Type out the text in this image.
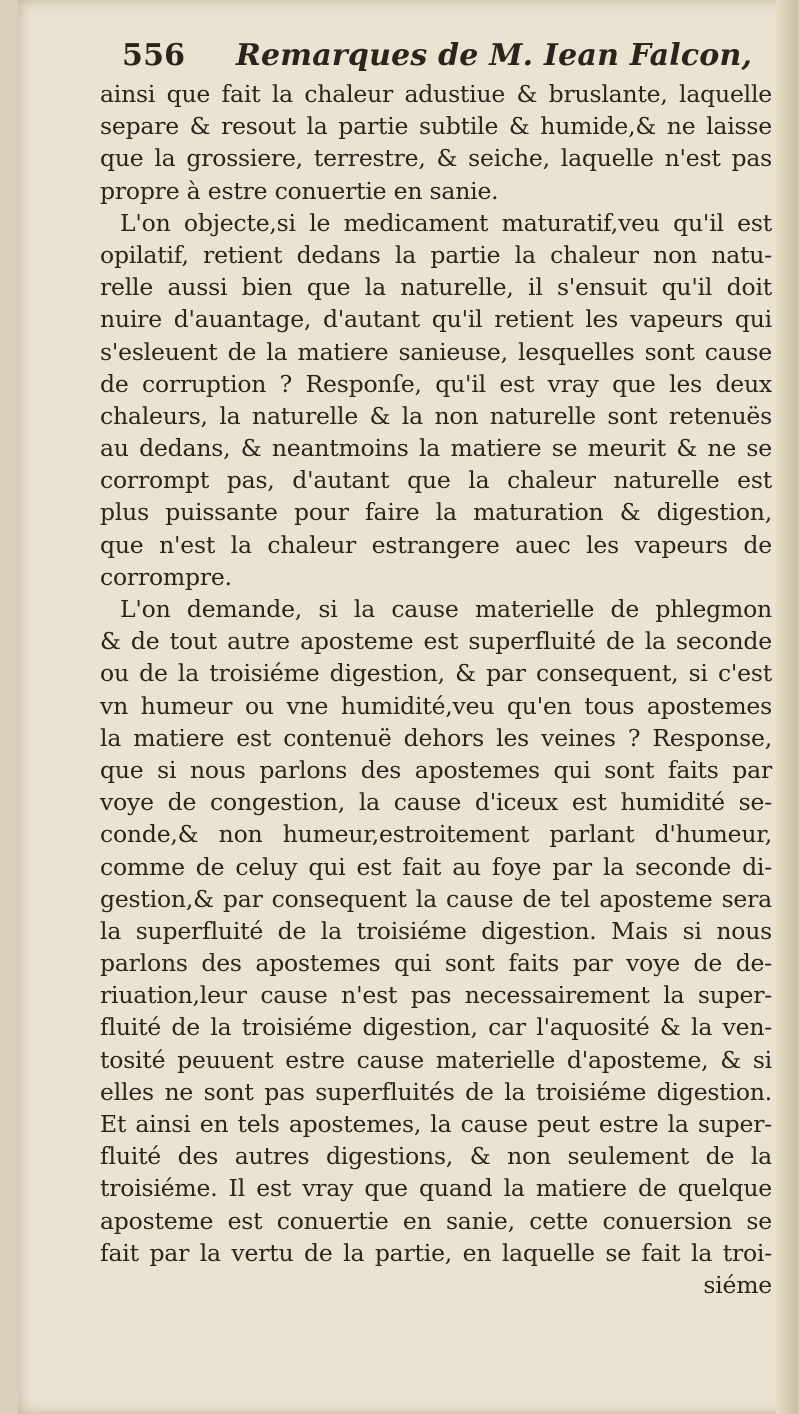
556 Remarques de M. Iean Falcon,
ainsi que fait la chaleur adustiue & bruslante, laquelle
separe & resout la partie subtile & humide,& ne laisse
que la grossiere, terrestre, & seiche, laquelle n'est pas
propre à estre conuertie en sanie.
L'on objecte,si le medicament maturatif,veu qu'il est
opilatif, retient dedans la partie la chaleur non natu-
relle aussi bien que la naturelle, il s'ensuit qu'il doit
nuire d'auantage, d'autant qu'il retient les vapeurs qui
s'esleuent de la matiere sanieuse, lesquelles sont cause
de corruption ? Responſe, qu'il est vray que les deux
chaleurs, la naturelle & la non naturelle sont retenuës
au dedans, & neantmoins la matiere se meurit & ne se
corrompt pas, d'autant que la chaleur naturelle est
plus puissante pour faire la maturation & digestion,
que n'est la chaleur estrangere auec les vapeurs de
corrompre.
L'on demande, si la cause materielle de phlegmon
& de tout autre aposteme est superfluité de la seconde
ou de la troisiéme digestion, & par consequent, si c'est
vn humeur ou vne humidité,veu qu'en tous apostemes
la matiere est contenuë dehors les veines ? Response,
que si nous parlons des apostemes qui sont faits par
voye de congestion, la cause d'iceux est humidité se-
conde,& non humeur,estroitement parlant d'humeur,
comme de celuy qui est fait au foye par la seconde di-
gestion,& par consequent la cause de tel aposteme sera
la superfluité de la troisiéme digestion. Mais si nous
parlons des apostemes qui sont faits par voye de de-
riuation,leur cause n'est pas necessairement la super-
fluité de la troisiéme digestion, car l'aquosité & la ven-
tosité peuuent estre cause materielle d'aposteme, & si
elles ne sont pas superfluités de la troisiéme digestion.
Et ainsi en tels apostemes, la cause peut estre la super-
fluité des autres digestions, & non seulement de la
troisiéme. Il est vray que quand la matiere de quelque
aposteme est conuertie en sanie, cette conuersion se
fait par la vertu de la partie, en laquelle se fait la troi-
siéme
